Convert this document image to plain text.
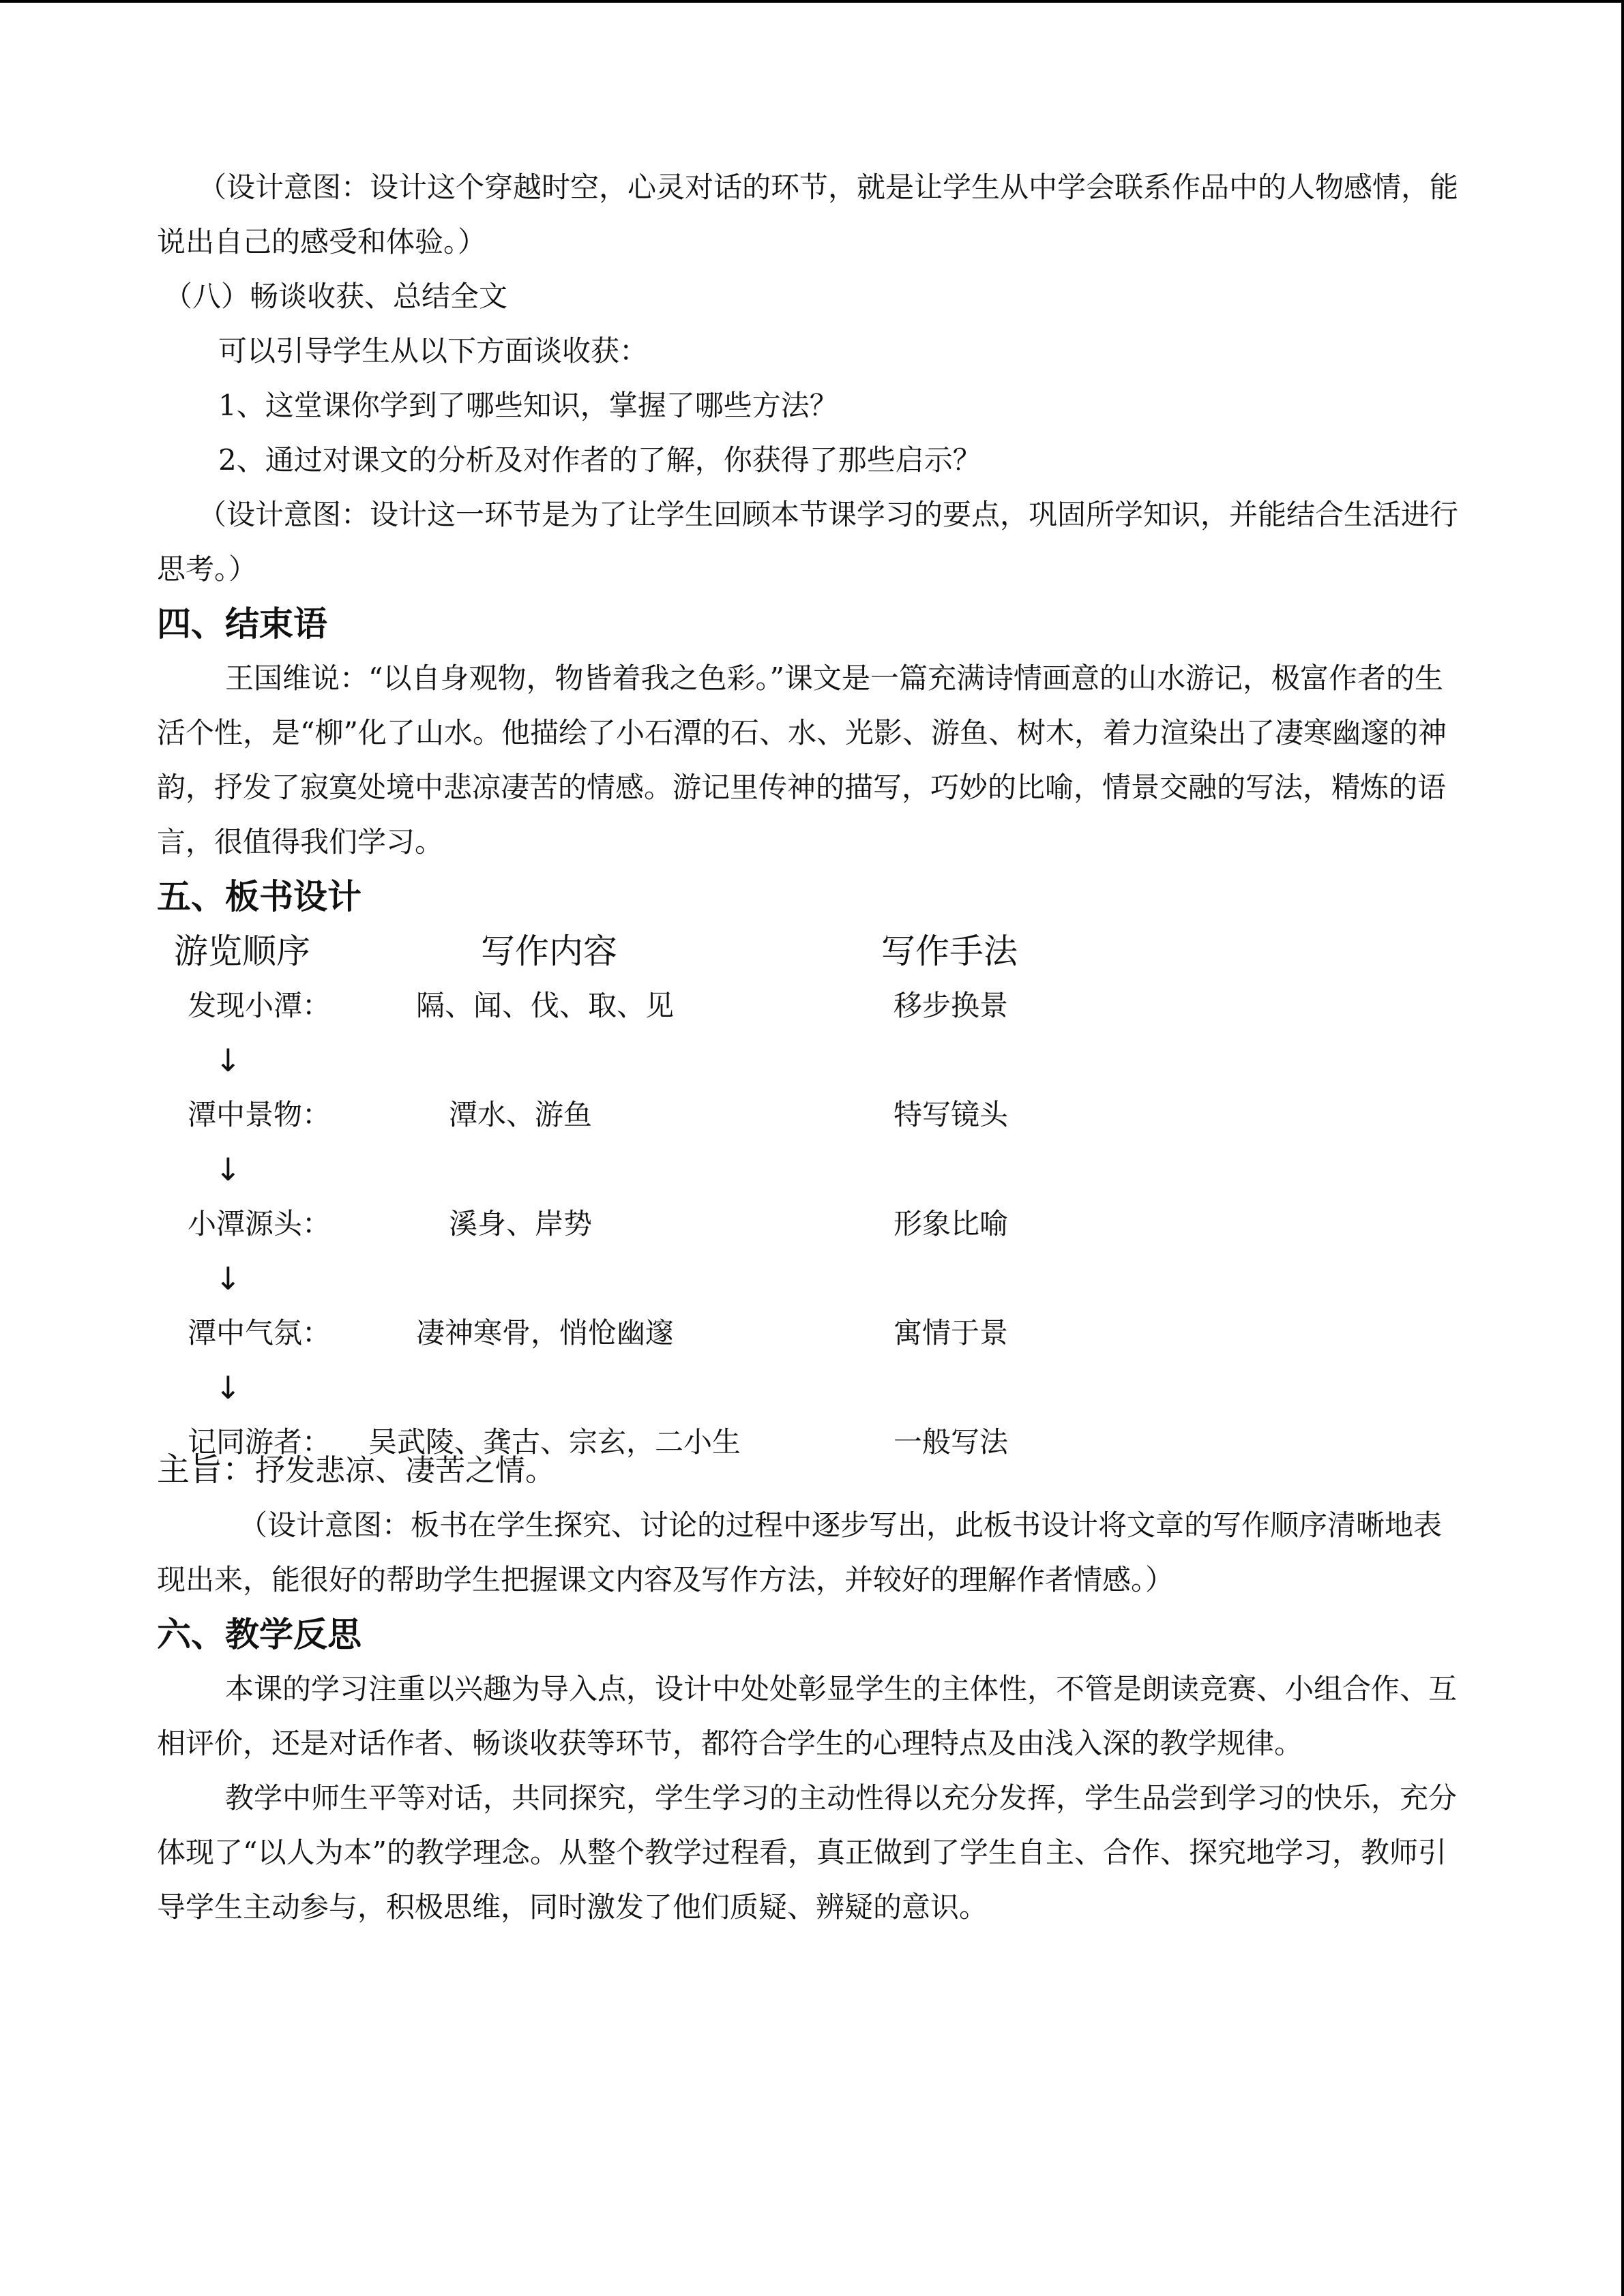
（设计意图：设计这个穿越时空，心灵对话的环节，就是让学生从中学会联系作品中的人物感情，能说出自己的感受和体验。）

（八）畅谈收获、总结全文

可以引导学生从以下方面谈收获：

1、这堂课你学到了哪些知识，掌握了哪些方法？

2、通过对课文的分析及对作者的了解，你获得了那些启示？

（设计意图：设计这一环节是为了让学生回顾本节课学习的要点，巩固所学知识，并能结合生活进行思考。）

四、结束语

王国维说：“以自身观物，物皆着我之色彩。”课文是一篇充满诗情画意的山水游记，极富作者的生活个性，是“柳”化了山水。他描绘了小石潭的石、水、光影、游鱼、树木，着力渲染出了凄寒幽邃的神韵，抒发了寂寞处境中悲凉凄苦的情感。游记里传神的描写，巧妙的比喻，情景交融的写法，精炼的语言，很值得我们学习。

五、板书设计

游览顺序	写作内容	写作手法
发现小潭：	隔、闻、伐、取、见	移步换景
↓
潭中景物：	潭水、游鱼	特写镜头
↓
小潭源头：	溪身、岸势	形象比喻
↓
潭中气氛：	凄神寒骨，悄怆幽邃	寓情于景
↓
记同游者： 吴武陵、龚古、宗玄，二小生	一般写法

主旨：抒发悲凉、凄苦之情。

（设计意图：板书在学生探究、讨论的过程中逐步写出，此板书设计将文章的写作顺序清晰地表现出来，能很好的帮助学生把握课文内容及写作方法，并较好的理解作者情感。）

六、教学反思

本课的学习注重以兴趣为导入点，设计中处处彰显学生的主体性，不管是朗读竞赛、小组合作、互相评价，还是对话作者、畅谈收获等环节，都符合学生的心理特点及由浅入深的教学规律。

教学中师生平等对话，共同探究，学生学习的主动性得以充分发挥，学生品尝到学习的快乐，充分体现了“以人为本”的教学理念。从整个教学过程看，真正做到了学生自主、合作、探究地学习，教师引导学生主动参与，积极思维，同时激发了他们质疑、辨疑的意识。
